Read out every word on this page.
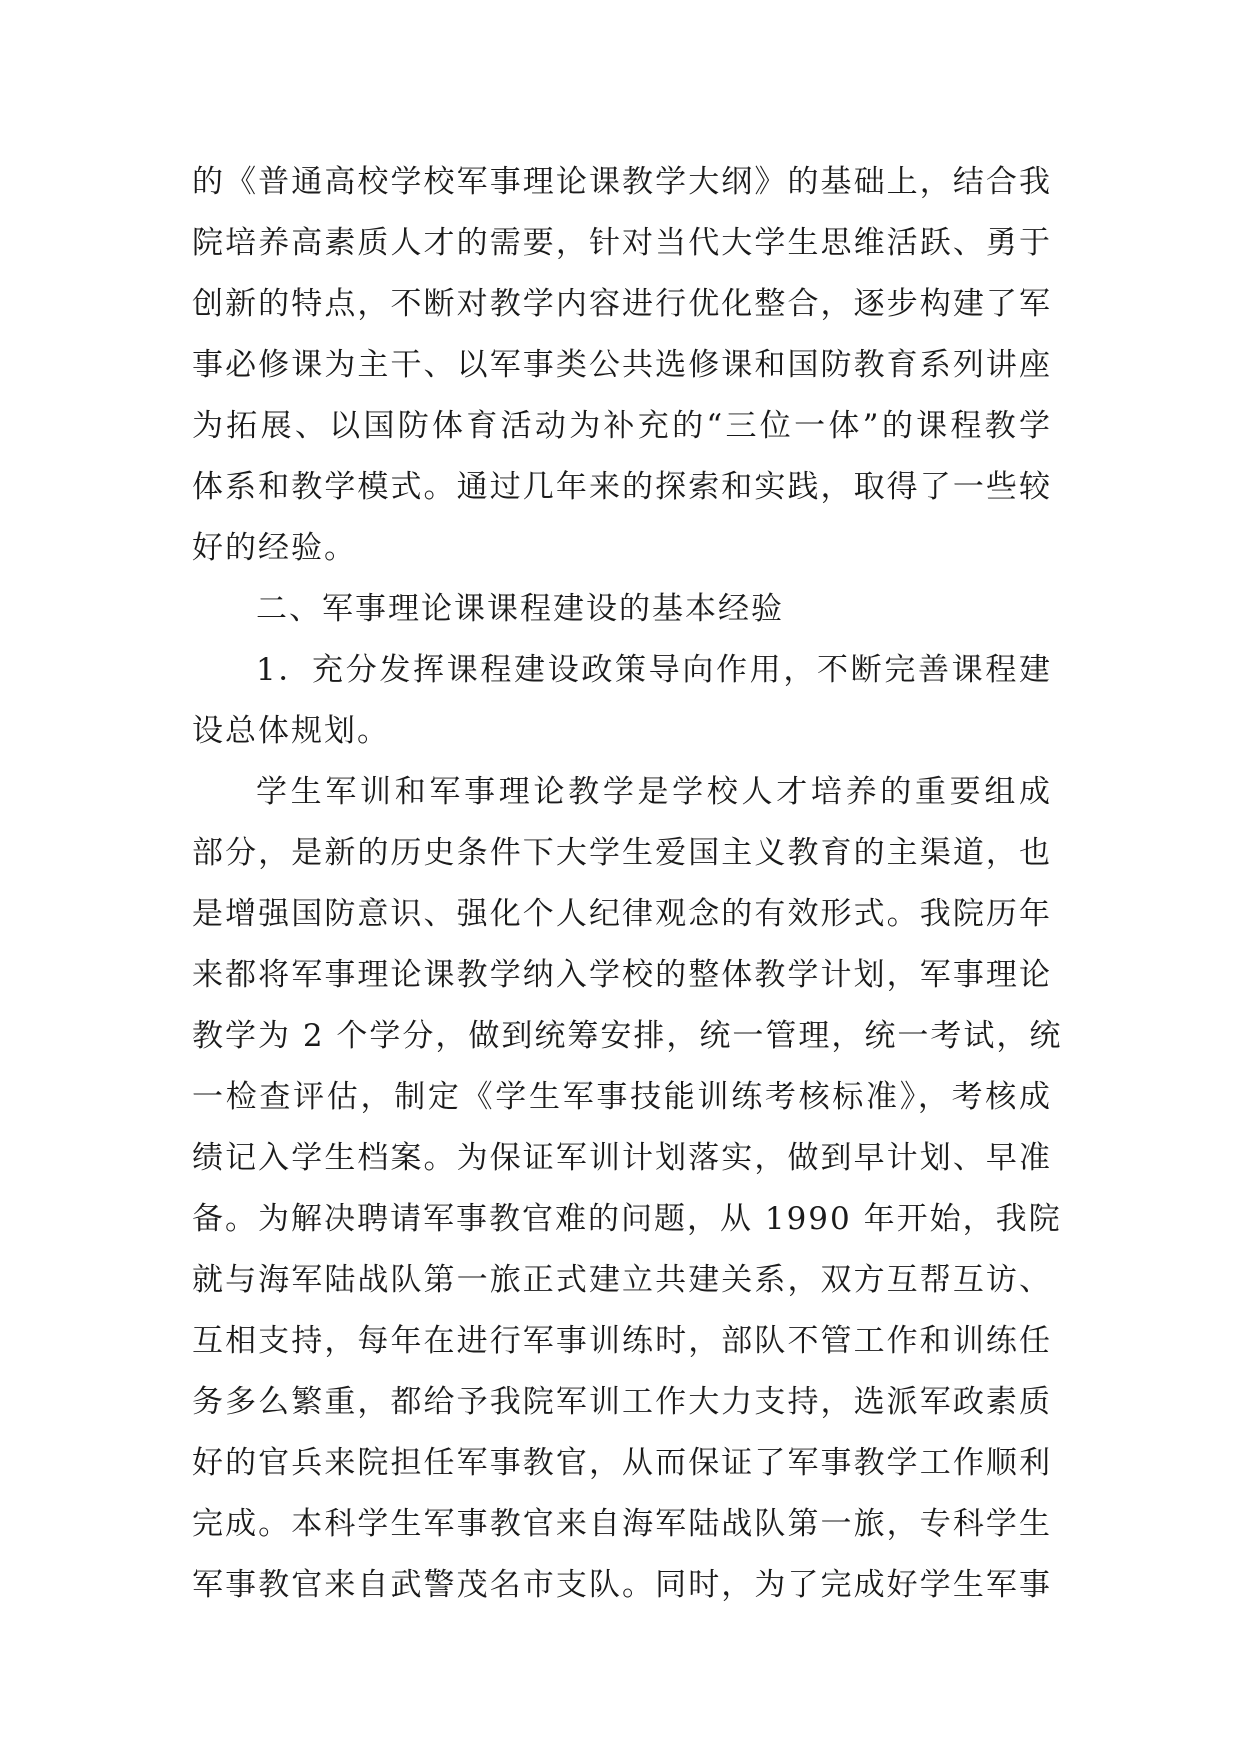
的《普通高校学校军事理论课教学大纲》的基础上，结合我
院培养高素质人才的需要，针对当代大学生思维活跃、勇于
创新的特点，不断对教学内容进行优化整合，逐步构建了军
事必修课为主干、以军事类公共选修课和国防教育系列讲座
为拓展、以国防体育活动为补充的“三位一体”的课程教学
体系和教学模式。通过几年来的探索和实践，取得了一些较
好的经验。
二、军事理论课课程建设的基本经验
1．充分发挥课程建设政策导向作用，不断完善课程建
设总体规划。
学生军训和军事理论教学是学校人才培养的重要组成
部分，是新的历史条件下大学生爱国主义教育的主渠道，也
是增强国防意识、强化个人纪律观念的有效形式。我院历年
来都将军事理论课教学纳入学校的整体教学计划，军事理论
教学为 2 个学分，做到统筹安排，统一管理，统一考试，统
一检查评估，制定《学生军事技能训练考核标准》，考核成
绩记入学生档案。为保证军训计划落实，做到早计划、早准
备。为解决聘请军事教官难的问题，从 1990 年开始，我院
就与海军陆战队第一旅正式建立共建关系，双方互帮互访、
互相支持，每年在进行军事训练时，部队不管工作和训练任
务多么繁重，都给予我院军训工作大力支持，选派军政素质
好的官兵来院担任军事教官，从而保证了军事教学工作顺利
完成。本科学生军事教官来自海军陆战队第一旅，专科学生
军事教官来自武警茂名市支队。同时，为了完成好学生军事
